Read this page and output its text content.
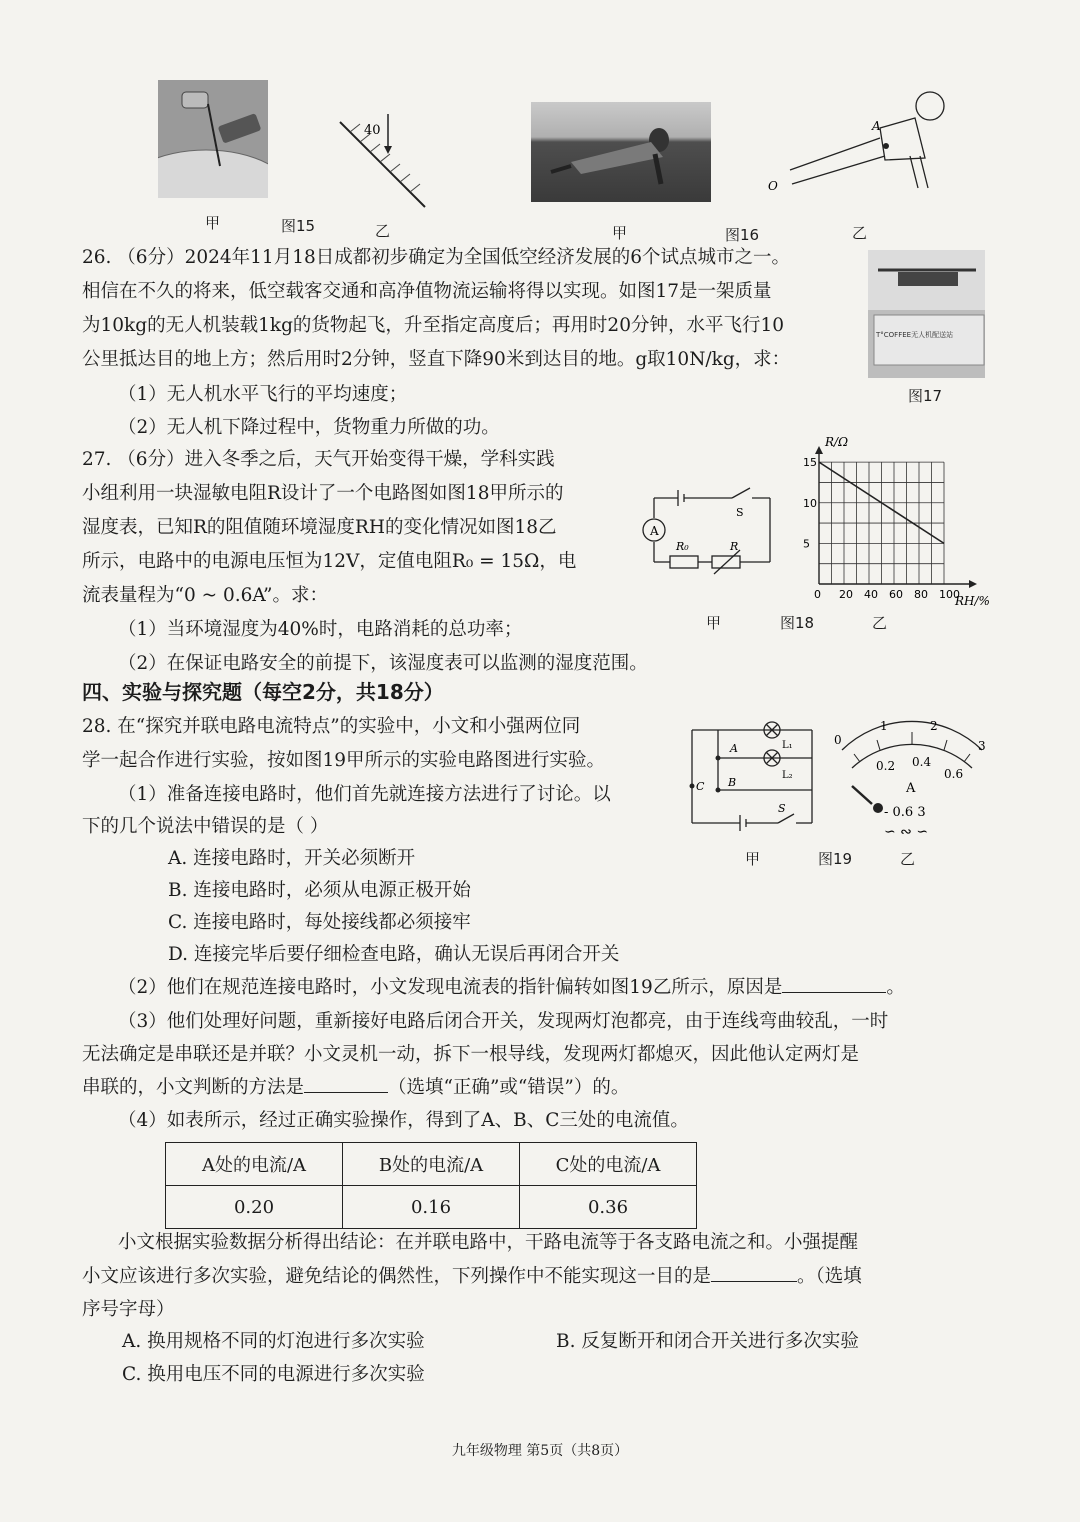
40
甲	图15	乙
A
O
甲	图16	乙
T°COFFEE无人机配送站
图17
26. （6分）2024年11月18日成都初步确定为全国低空经济发展的6个试点城市之一。
相信在不久的将来，低空载客交通和高净值物流运输将得以实现。如图17是一架质量
为10kg的无人机装载1kg的货物起飞，升至指定高度后；再用时20分钟，水平飞行10
公里抵达目的地上方；然后用时2分钟，竖直下降90米到达目的地。g取10N/kg，求：
（1）无人机水平飞行的平均速度；
（2）无人机下降过程中，货物重力所做的功。
27. （6分）进入冬季之后，天气开始变得干燥，学科实践
小组利用一块湿敏电阻R设计了一个电路图如图18甲所示的
湿度表，已知R的阻值随环境湿度RH的变化情况如图18乙
所示，电路中的电源电压恒为12V，定值电阻R₀ = 15Ω，电
流表量程为“0 ~ 0.6A”。求：
（1）当环境湿度为40%时，电路消耗的总功率；
（2）在保证电路安全的前提下，该湿度表可以监测的湿度范围。
A
S
R₀	R
0 20 40 60 80 100
5
10
15
R/Ω
RH/%
甲	图18	乙
四、实验与探究题（每空2分，共18分）
28. 在“探究并联电路电流特点”的实验中，小文和小强两位同
学一起合作进行实验，按如图19甲所示的实验电路图进行实验。
（1）准备连接电路时，他们首先就连接方法进行了讨论。以
下的几个说法中错误的是（ ）
A. 连接电路时，开关必须断开
B. 连接电路时，必须从电源正极开始
C. 连接电路时，每处接线都必须接牢
D. 连接完毕后要仔细检查电路，确认无误后再闭合开关
（2）他们在规范连接电路时，小文发现电流表的指针偏转如图19乙所示，原因是	。
（3）他们处理好问题，重新接好电路后闭合开关，发现两灯泡都亮，由于连线弯曲较乱，一时
无法确定是串联还是并联？小文灵机一动，拆下一根导线，发现两灯都熄灭，因此他认定两灯是
串联的，小文判断的方法是	（选填“正确”或“错误”）的。
（4）如表所示，经过正确实验操作，得到了A、B、C三处的电流值。
A处的电流/A	B处的电流/A	C处的电流/A
0.20	0.16	0.36
小文根据实验数据分析得出结论：在并联电路中，干路电流等于各支路电流之和。小强提醒
小文应该进行多次实验，避免结论的偶然性，下列操作中不能实现这一目的是	。（选填
序号字母）
A. 换用规格不同的灯泡进行多次实验	B. 反复断开和闭合开关进行多次实验
C. 换用电压不同的电源进行多次实验
A
B
C
L₁
L₂
S
0
0.2 0.4
0.6
1	2
3
A
- 0.6 3
∽ ∾ ∽
甲	图19	乙
九年级物理 第5页（共8页）
